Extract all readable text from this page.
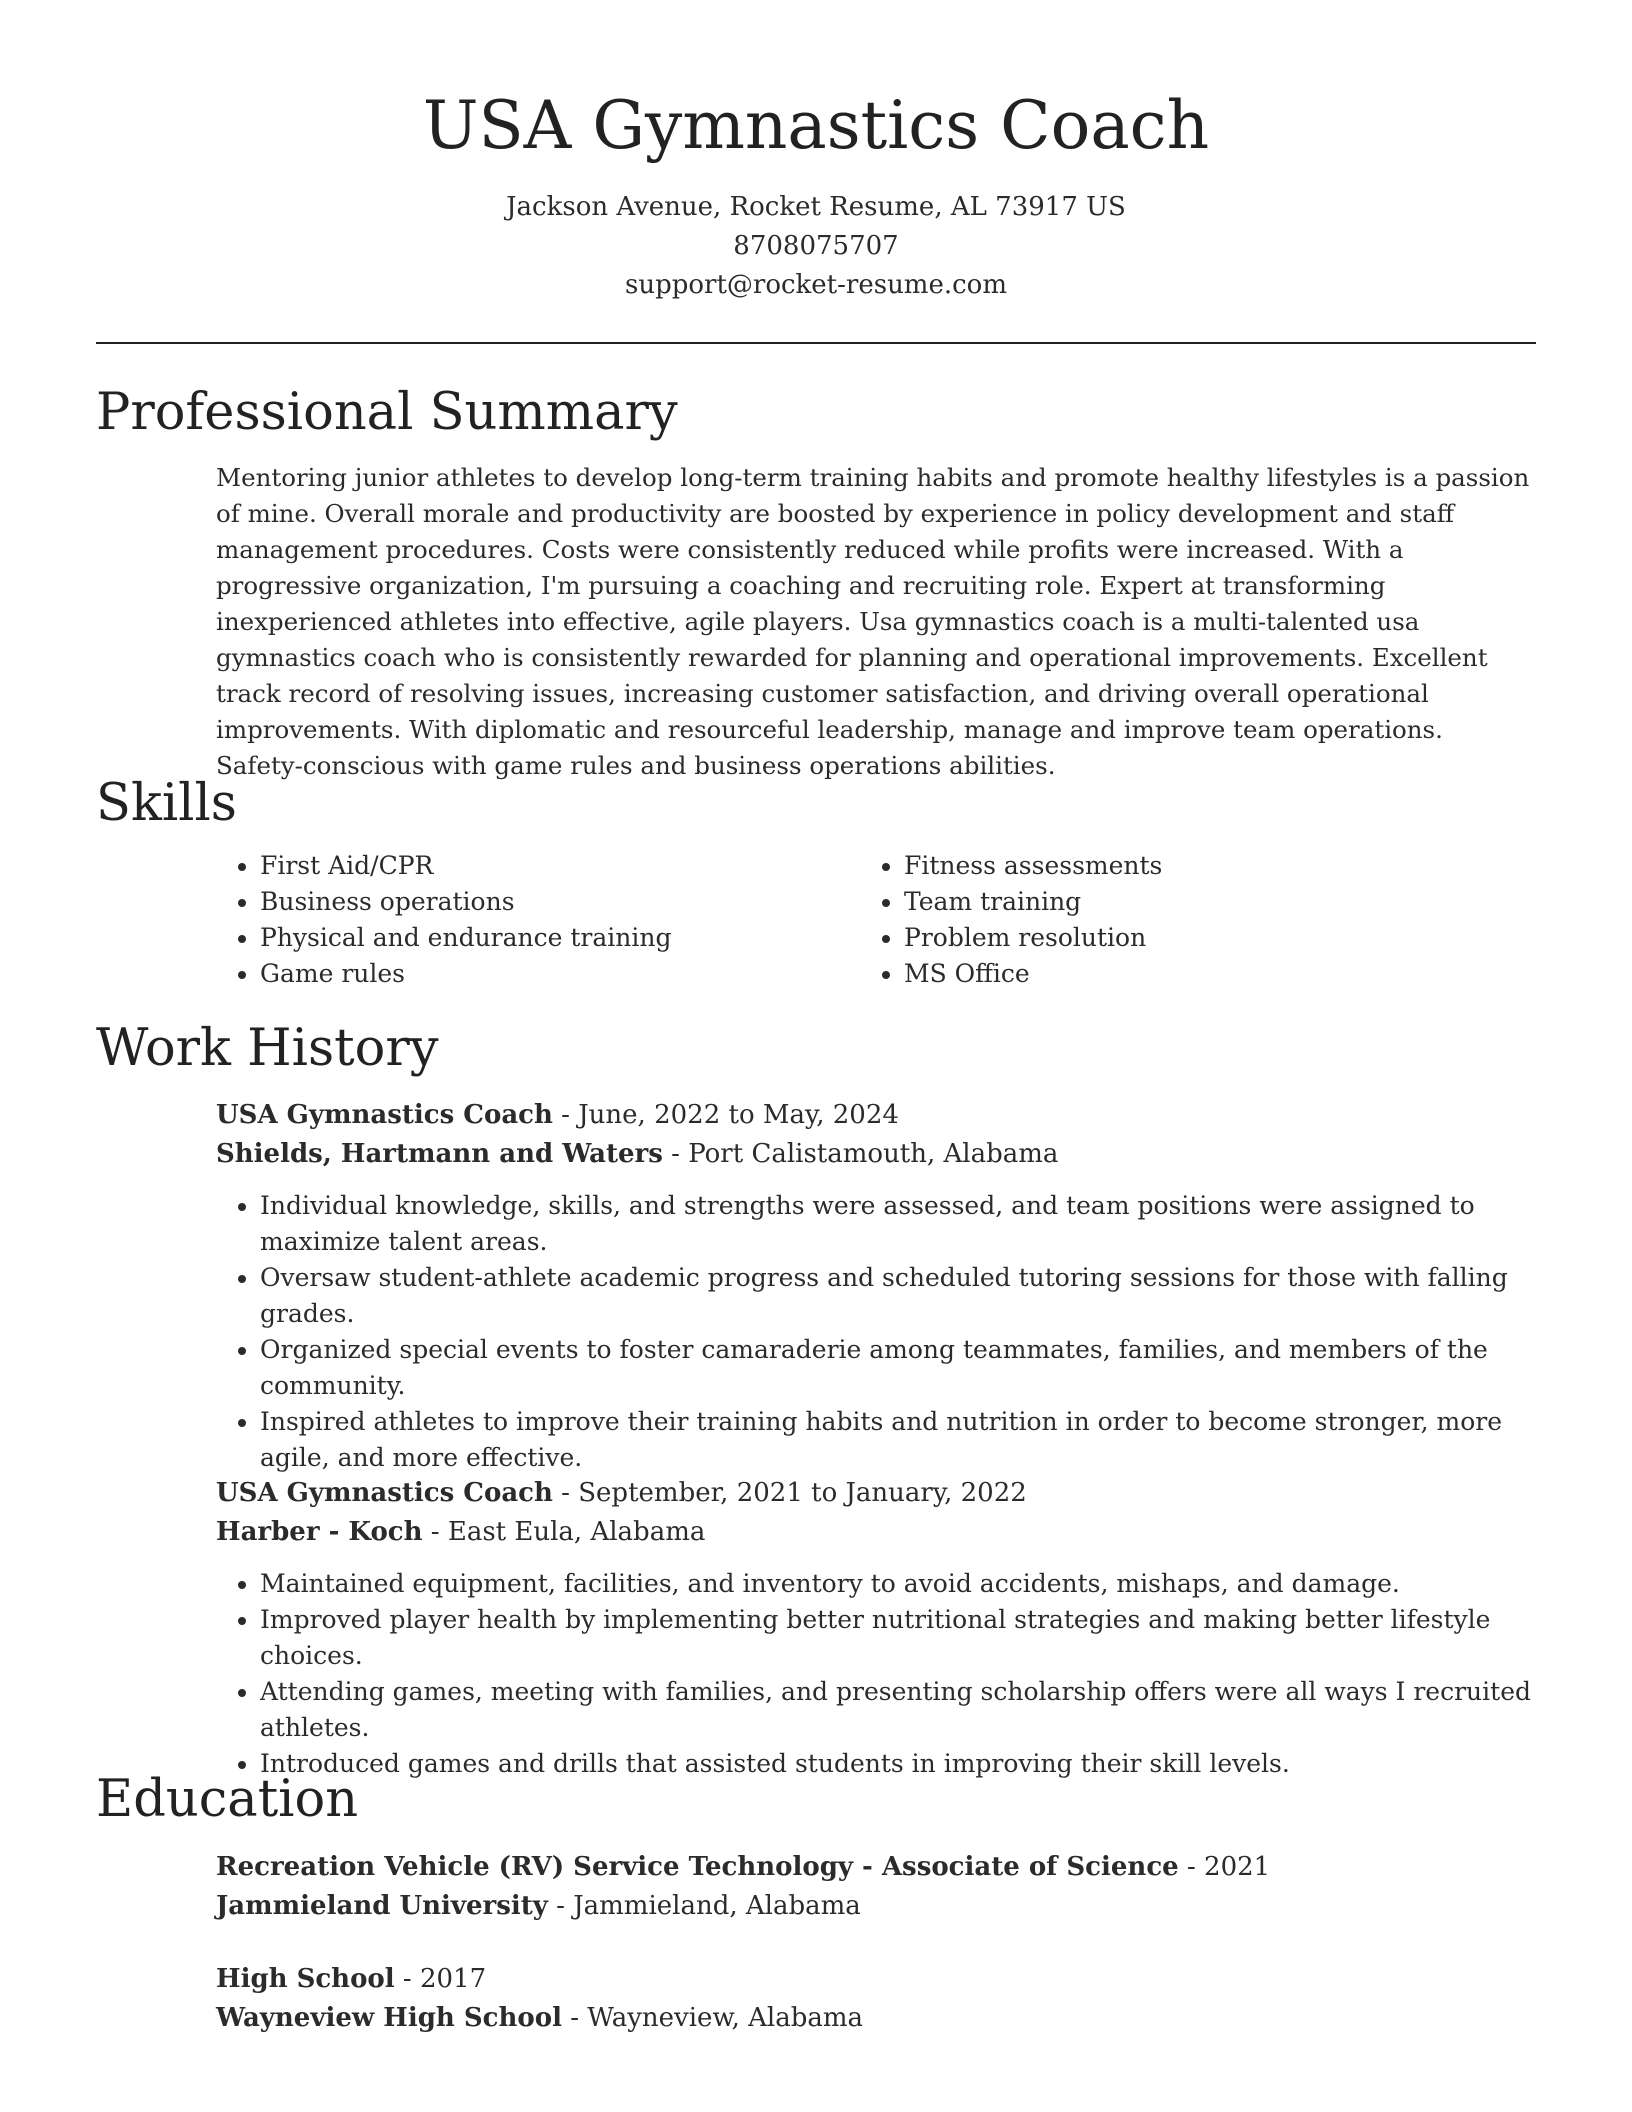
USA Gymnastics Coach
Jackson Avenue, Rocket Resume, AL 73917 US
8708075707
support@rocket-resume.com
Professional Summary
Mentoring junior athletes to develop long-term training habits and promote healthy lifestyles is a passion of mine. Overall morale and productivity are boosted by experience in policy development and staff management procedures. Costs were consistently reduced while profits were increased. With a progressive organization, I'm pursuing a coaching and recruiting role. Expert at transforming inexperienced athletes into effective, agile players. Usa gymnastics coach is a multi-talented usa gymnastics coach who is consistently rewarded for planning and operational improvements. Excellent track record of resolving issues, increasing customer satisfaction, and driving overall operational improvements. With diplomatic and resourceful leadership, manage and improve team operations. Safety-conscious with game rules and business operations abilities.
Skills
• First Aid/CPR
• Business operations
• Physical and endurance training
• Game rules
• Fitness assessments
• Team training
• Problem resolution
• MS Office
Work History
USA Gymnastics Coach - June, 2022 to May, 2024
Shields, Hartmann and Waters - Port Calistamouth, Alabama
• Individual knowledge, skills, and strengths were assessed, and team positions were assigned to maximize talent areas.
• Oversaw student-athlete academic progress and scheduled tutoring sessions for those with falling grades.
• Organized special events to foster camaraderie among teammates, families, and members of the community.
• Inspired athletes to improve their training habits and nutrition in order to become stronger, more agile, and more effective.
USA Gymnastics Coach - September, 2021 to January, 2022
Harber - Koch - East Eula, Alabama
• Maintained equipment, facilities, and inventory to avoid accidents, mishaps, and damage.
• Improved player health by implementing better nutritional strategies and making better lifestyle choices.
• Attending games, meeting with families, and presenting scholarship offers were all ways I recruited athletes.
• Introduced games and drills that assisted students in improving their skill levels.
Education
Recreation Vehicle (RV) Service Technology - Associate of Science - 2021
Jammieland University - Jammieland, Alabama
High School - 2017
Wayneview High School - Wayneview, Alabama
